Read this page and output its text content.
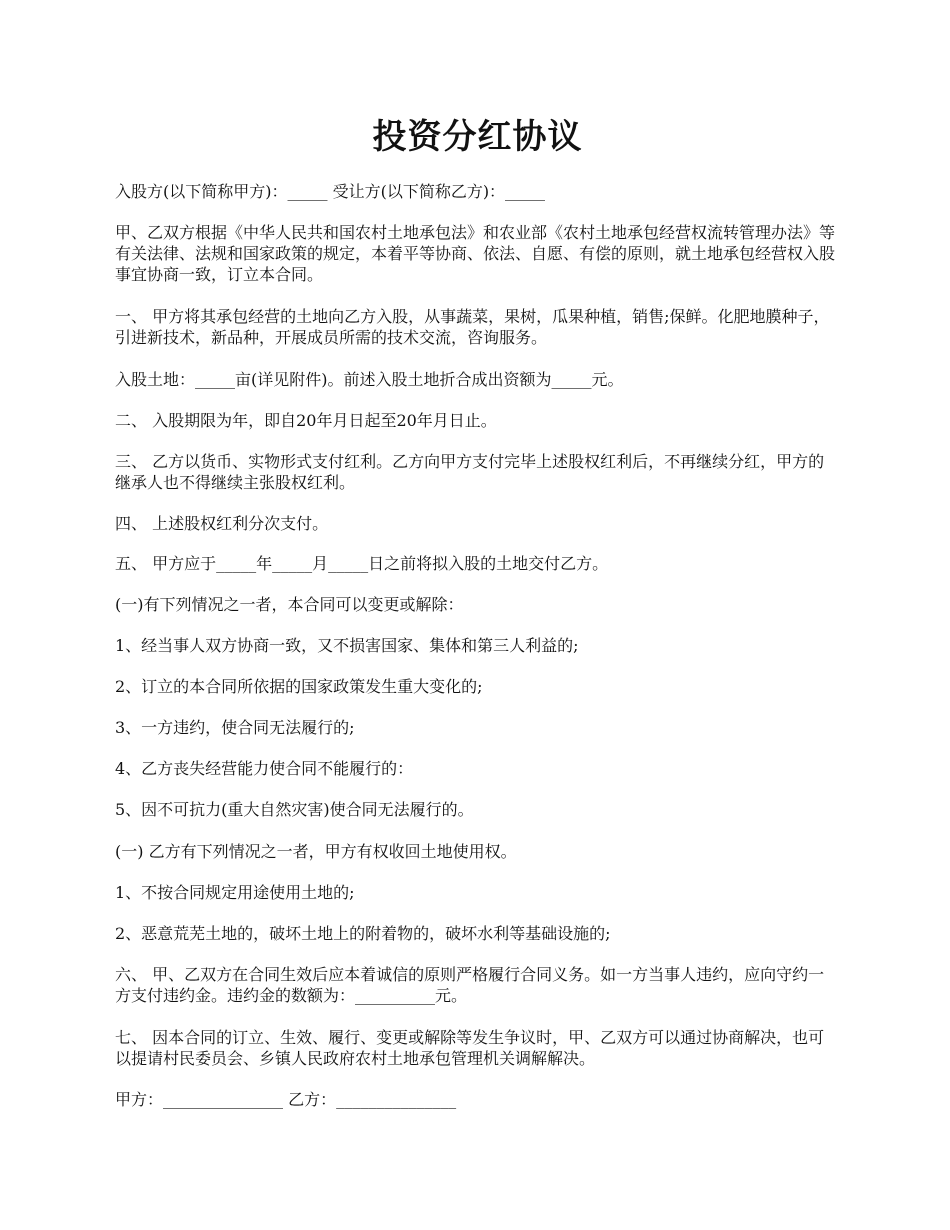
投资分红协议

入股方(以下简称甲方)：_____ 受让方(以下简称乙方)：_____

甲、乙双方根据《中华人民共和国农村土地承包法》和农业部《农村土地承包经营权流转管理办法》等有关法律、法规和国家政策的规定，本着平等协商、依法、自愿、有偿的原则，就土地承包经营权入股事宜协商一致，订立本合同。

一、 甲方将其承包经营的土地向乙方入股，从事蔬菜，果树，瓜果种植，销售;保鲜。化肥地膜种子，引进新技术，新品种，开展成员所需的技术交流，咨询服务。

入股土地：_____亩(详见附件)。前述入股土地折合成出资额为_____元。

二、 入股期限为年，即自20年月日起至20年月日止。

三、 乙方以货币、实物形式支付红利。乙方向甲方支付完毕上述股权红利后，不再继续分红，甲方的继承人也不得继续主张股权红利。

四、 上述股权红利分次支付。

五、 甲方应于_____年_____月_____日之前将拟入股的土地交付乙方。

(一)有下列情况之一者，本合同可以变更或解除：

1、经当事人双方协商一致，又不损害国家、集体和第三人利益的;

2、订立的本合同所依据的国家政策发生重大变化的;

3、一方违约，使合同无法履行的;

4、乙方丧失经营能力使合同不能履行的：

5、因不可抗力(重大自然灾害)使合同无法履行的。

(一) 乙方有下列情况之一者，甲方有权收回土地使用权。

1、不按合同规定用途使用土地的;

2、恶意荒芜土地的，破坏土地上的附着物的，破坏水利等基础设施的;

六、 甲、乙双方在合同生效后应本着诚信的原则严格履行合同义务。如一方当事人违约，应向守约一方支付违约金。违约金的数额为：__________元。

七、 因本合同的订立、生效、履行、变更或解除等发生争议时，甲、乙双方可以通过协商解决，也可以提请村民委员会、乡镇人民政府农村土地承包管理机关调解解决。

甲方：_______________ 乙方：_______________
